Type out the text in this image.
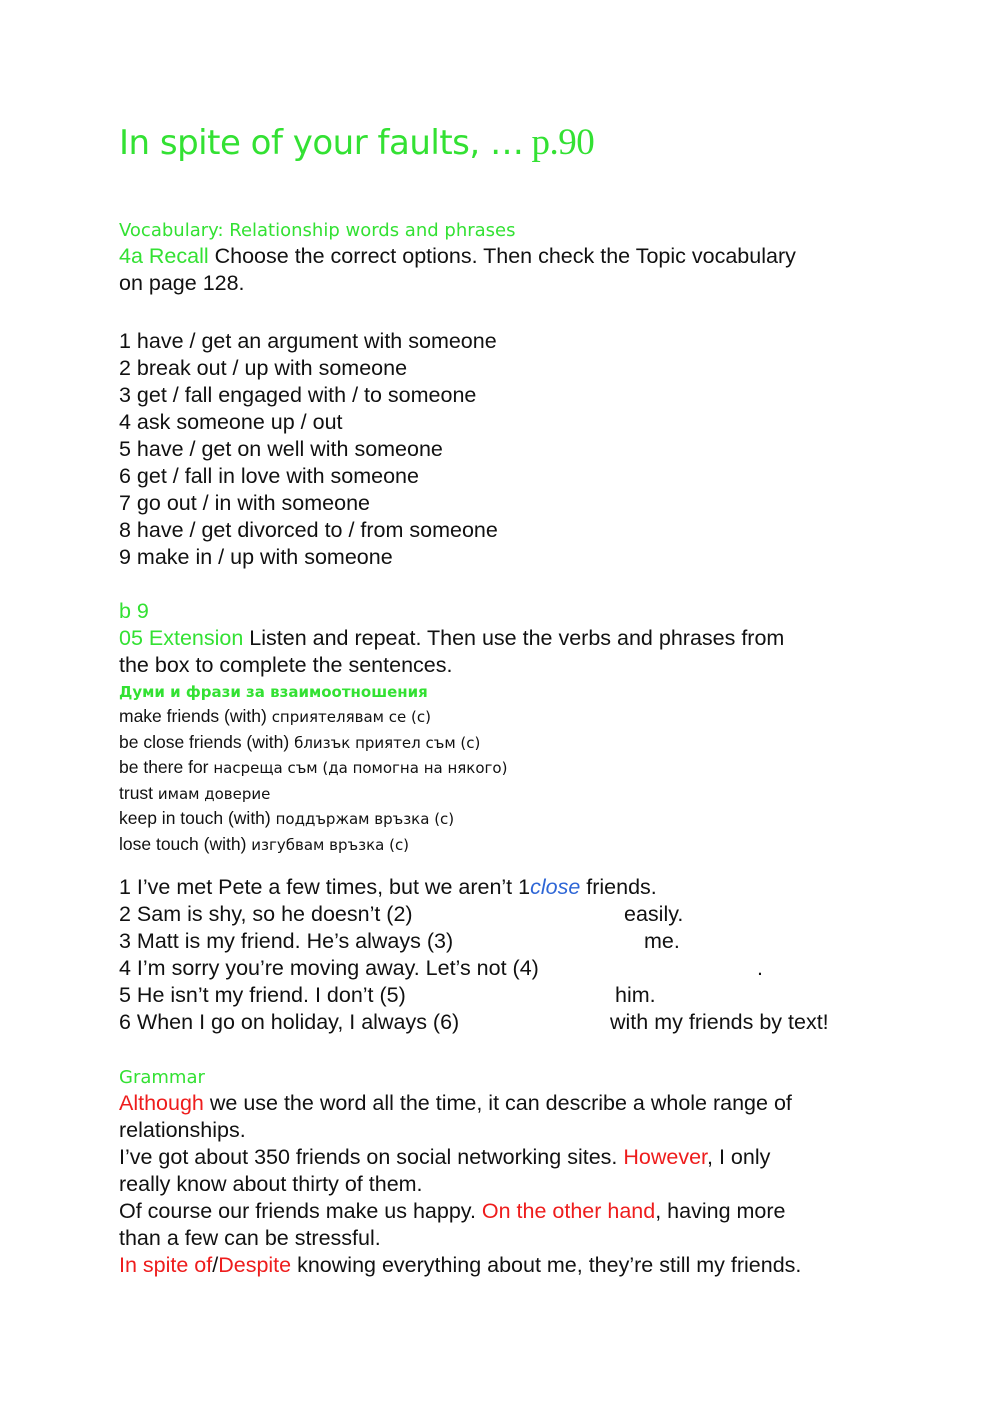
In spite of your faults, … p.90
Vocabulary: Relationship words and phrases
4a Recall Choose the correct options. Then check the Topic vocabulary
on page 128.
1 have / get an argument with someone
2 break out / up with someone
3 get / fall engaged with / to someone
4 ask someone up / out
5 have / get on well with someone
6 get / fall in love with someone
7 go out / in with someone
8 have / get divorced to / from someone
9 make in / up with someone
b 9
05 Extension Listen and repeat. Then use the verbs and phrases from
the box to complete the sentences.
Думи и фрази за взаимоотношения
make friends (with) сприятелявам се (с)
be close friends (with) близък приятел съм (с)
be there for насреща съм (да помогна на някого)
trust имам доверие
keep in touch (with) поддържам връзка (с)
lose touch (with) изгубвам връзка (с)
1 I’ve met Pete a few times, but we aren’t 1close friends.
2 Sam is shy, so he doesn’t (2)	easily.
3 Matt is my friend. He’s always (3)	me.
4 I’m sorry you’re moving away. Let’s not (4)	.
5 He isn’t my friend. I don’t (5)	him.
6 When I go on holiday, I always (6)	with my friends by text!
Grammar
Although we use the word all the time, it can describe a whole range of
relationships.
I’ve got about 350 friends on social networking sites. However, I only
really know about thirty of them.
Of course our friends make us happy. On the other hand, having more
than a few can be stressful.
In spite of/Despite knowing everything about me, they’re still my friends.
